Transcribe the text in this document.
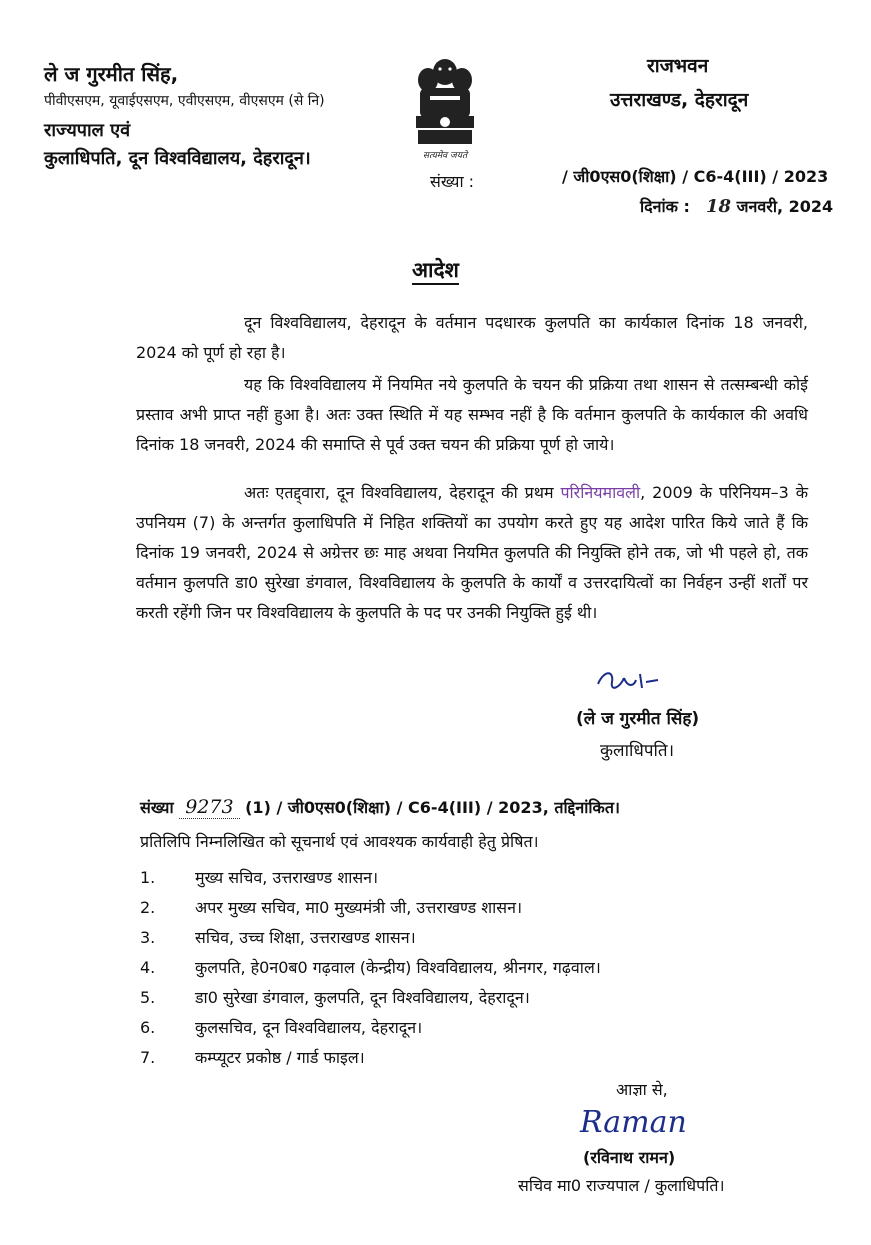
ले ज गुरमीत सिंह,
पीवीएसएम, यूवाईएसएम, एवीएसएम, वीएसएम (से नि)
राज्यपाल एवं
कुलाधिपति, दून विश्वविद्यालय, देहरादून।	सत्यमेव जयते
राजभवन
उत्तराखण्ड, देहरादून
संख्या :	/ जी0एस0(शिक्षा) / C6-4(III) / 2023
दिनांक : 18 जनवरी, 2024
आदेश
दून विश्वविद्यालय, देहरादून के वर्तमान पदधारक कुलपति का कार्यकाल दिनांक 18 जनवरी, 2024 को पूर्ण हो रहा है।
यह कि विश्वविद्यालय में नियमित नये कुलपति के चयन की प्रक्रिया तथा शासन से तत्सम्बन्धी कोई प्रस्ताव अभी प्राप्त नहीं हुआ है। अतः उक्त स्थिति में यह सम्भव नहीं है कि वर्तमान कुलपति के कार्यकाल की अवधि दिनांक 18 जनवरी, 2024 की समाप्ति से पूर्व उक्त चयन की प्रक्रिया पूर्ण हो जाये।
अतः एतद्द्वारा, दून विश्वविद्यालय, देहरादून की प्रथम परिनियमावली, 2009 के परिनियम–3 के उपनियम (7) के अन्तर्गत कुलाधिपति में निहित शक्तियों का उपयोग करते हुए यह आदेश पारित किये जाते हैं कि दिनांक 19 जनवरी, 2024 से अग्रेत्तर छः माह अथवा नियमित कुलपति की नियुक्ति होने तक, जो भी पहले हो, तक वर्तमान कुलपति डा0 सुरेखा डंगवाल, विश्वविद्यालय के कुलपति के कार्यों व उत्तरदायित्वों का निर्वहन उन्हीं शर्तों पर करती रहेंगी जिन पर विश्वविद्यालय के कुलपति के पद पर उनकी नियुक्ति हुई थी।
(ले ज गुरमीत सिंह)
कुलाधिपति।
संख्या 9273 (1) / जी0एस0(शिक्षा) / C6-4(III) / 2023, तद्दिनांकित।
प्रतिलिपि निम्नलिखित को सूचनार्थ एवं आवश्यक कार्यवाही हेतु प्रेषित।
1. मुख्य सचिव, उत्तराखण्ड शासन।
2. अपर मुख्य सचिव, मा0 मुख्यमंत्री जी, उत्तराखण्ड शासन।
3. सचिव, उच्च शिक्षा, उत्तराखण्ड शासन।
4. कुलपति, हे0न0ब0 गढ़वाल (केन्द्रीय) विश्वविद्यालय, श्रीनगर, गढ़वाल।
5. डा0 सुरेखा डंगवाल, कुलपति, दून विश्वविद्यालय, देहरादून।
6. कुलसचिव, दून विश्वविद्यालय, देहरादून।
7. कम्प्यूटर प्रकोष्ठ / गार्ड फाइल।
आज्ञा से,
Raman
(रविनाथ रामन)
सचिव मा0 राज्यपाल / कुलाधिपति।
